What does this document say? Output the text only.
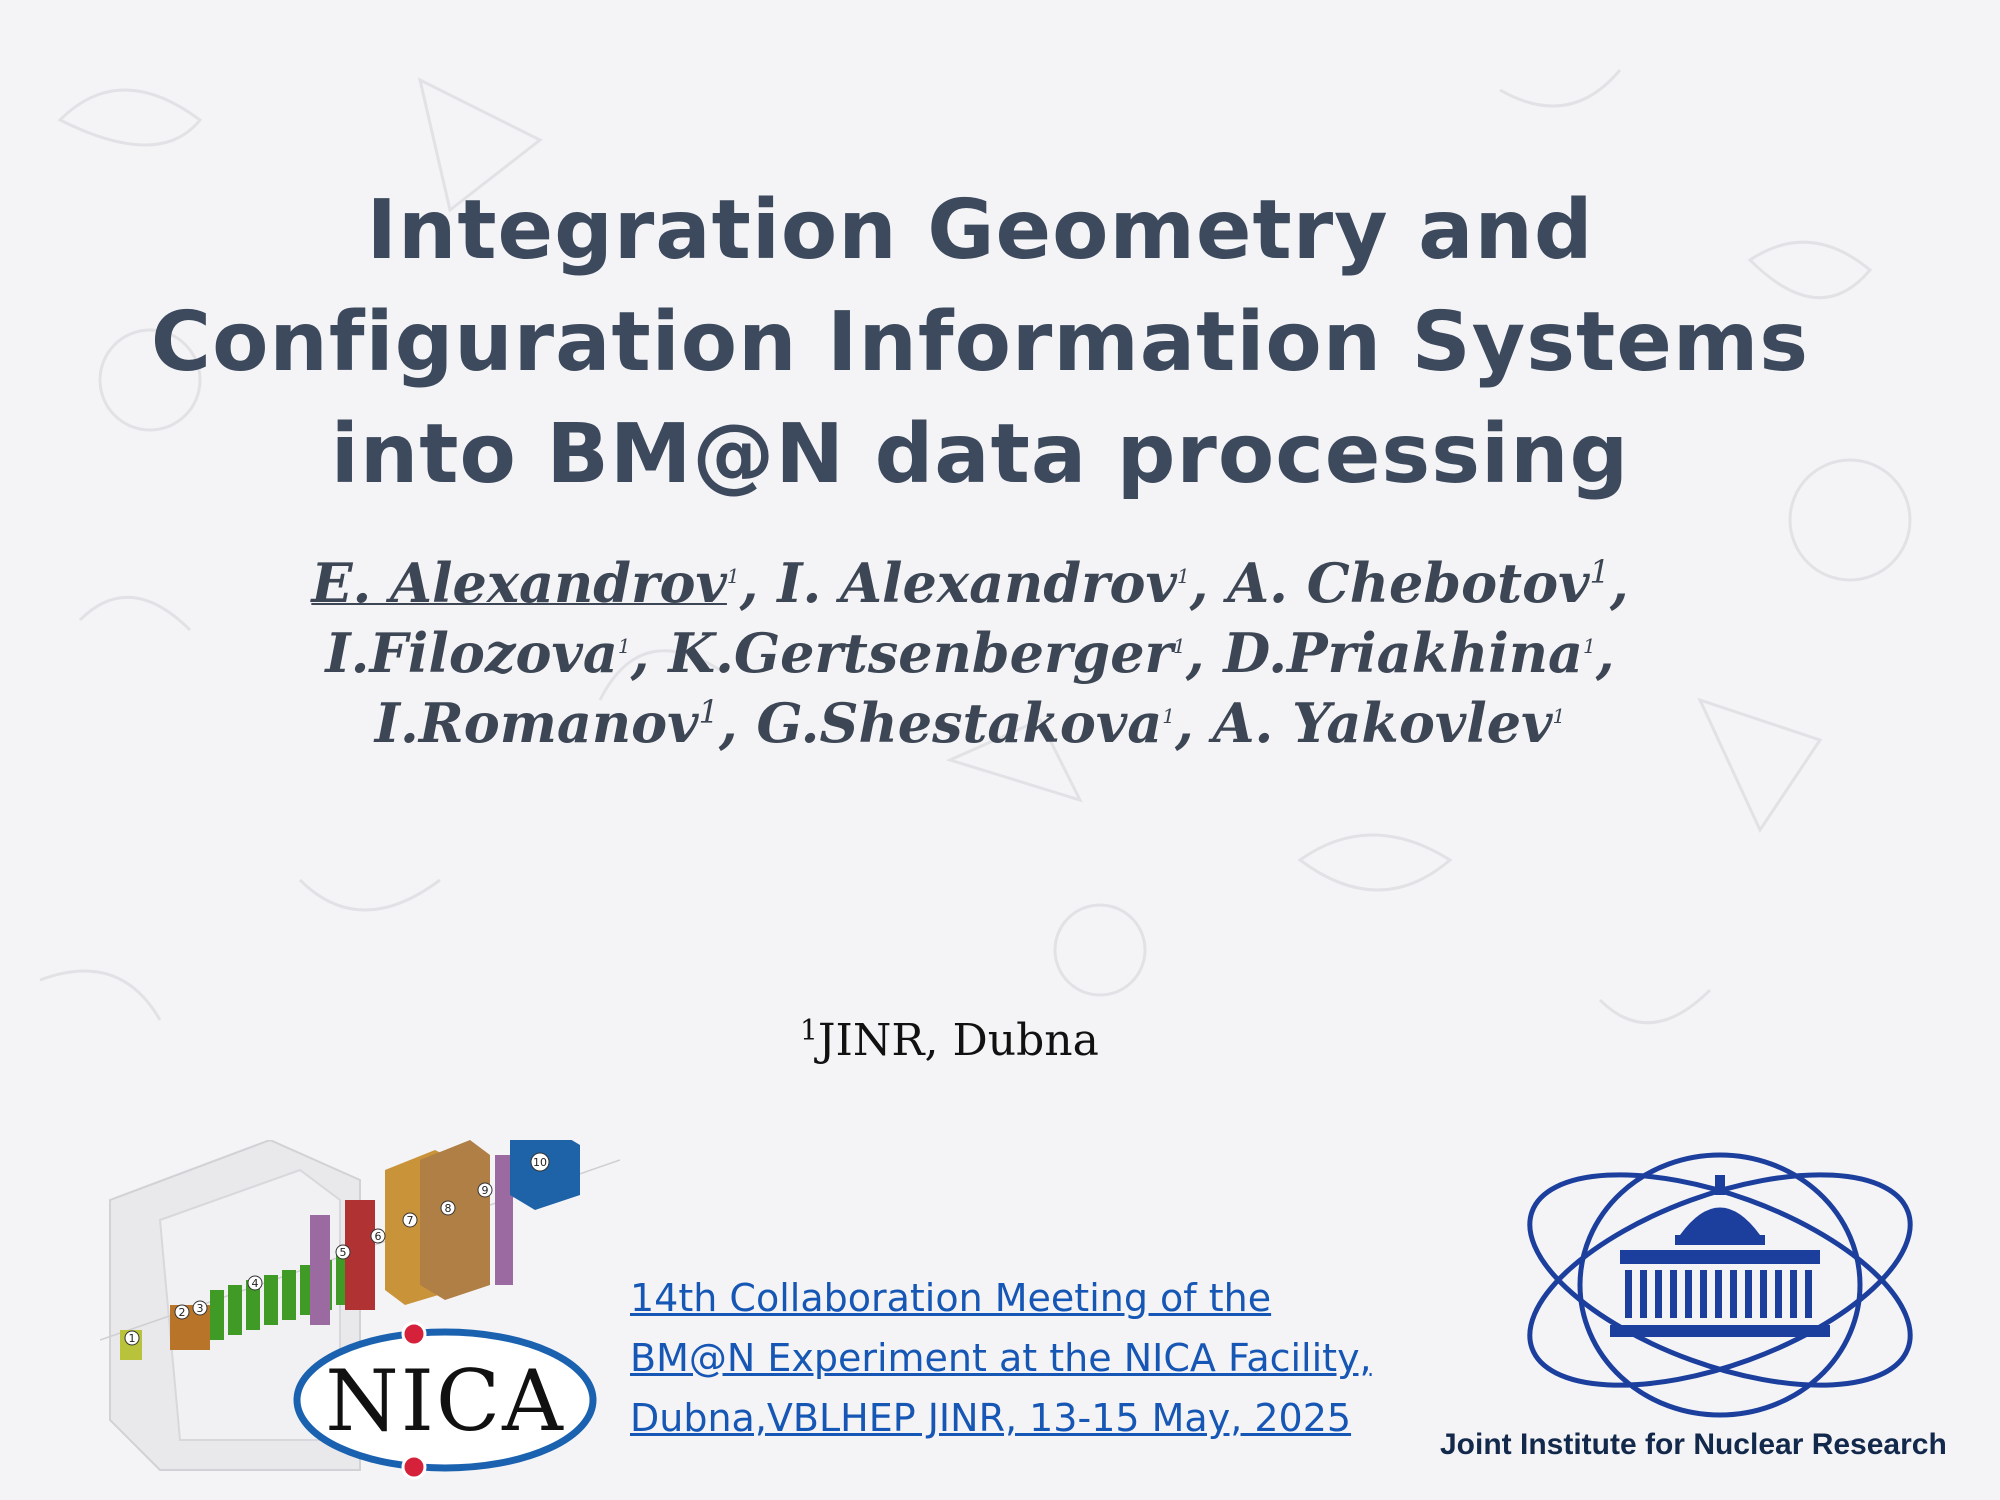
Integration Geometry and
Configuration Information Systems
into BM@N data processing
E. Alexandrov$^1$, I. Alexandrov$^1$, A. Chebotov$^1$,
I.Filozova$^1$, K.Gertsenberger$^1$, D.Priakhina$^1$,
I.Romanov$^1$, G.Shestakova$^1$, A. Yakovlev$^1$
$^1$JINR, Dubna
1
2 3
4
5
6
7
8
9
10
NICA
14th Collaboration Meeting of the
BM@N Experiment at the NICA Facility,
Dubna,VBLHEP JINR, 13-15 May, 2025
Joint Institute for Nuclear Research
